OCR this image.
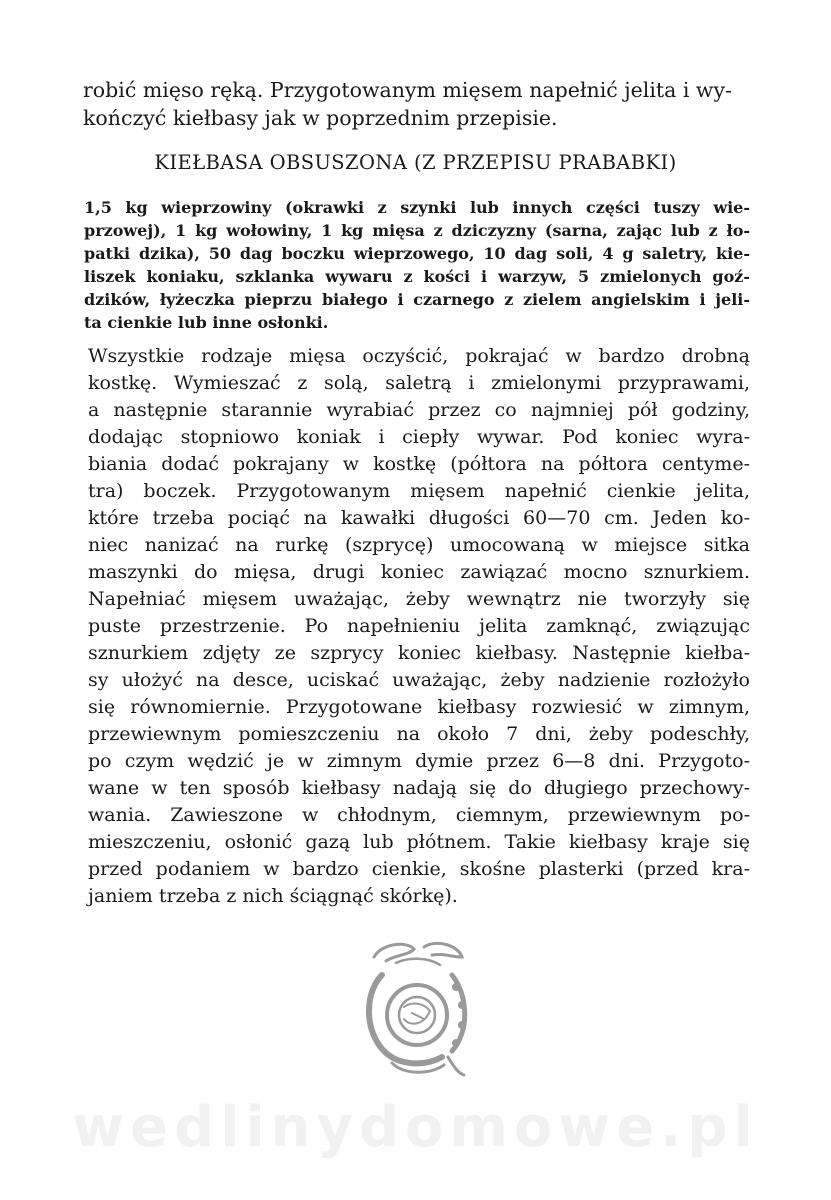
robić mięso ręką. Przygotowanym mięsem napełnić jelita i wy-

kończyć kiełbasy jak w poprzednim przepisie.

KIEŁBASA OBSUSZONA (Z PRZEPISU PRABABKI)

1,5 kg wieprzowiny (okrawki z szynki lub innych części tuszy wie-

przowej), 1 kg wołowiny, 1 kg mięsa z dziczyzny (sarna, zając lub z ło-

patki dzika), 50 dag boczku wieprzowego, 10 dag soli, 4 g saletry, kie-

liszek koniaku, szklanka wywaru z kości i warzyw, 5 zmielonych goź-

dzików, łyżeczka pieprzu białego i czarnego z zielem angielskim i jeli-

ta cienkie lub inne osłonki.

Wszystkie rodzaje mięsa oczyścić, pokrajać w bardzo drobną

kostkę. Wymieszać z solą, saletrą i zmielonymi przyprawami,

a następnie starannie wyrabiać przez co najmniej pół godziny,

dodając stopniowo koniak i ciepły wywar. Pod koniec wyra-

biania dodać pokrajany w kostkę (półtora na półtora centyme-

tra) boczek. Przygotowanym mięsem napełnić cienkie jelita,

które trzeba pociąć na kawałki długości 60—70 cm. Jeden ko-

niec nanizać na rurkę (szprycę) umocowaną w miejsce sitka

maszynki do mięsa, drugi koniec zawiązać mocno sznurkiem.

Napełniać mięsem uważając, żeby wewnątrz nie tworzyły się

puste przestrzenie. Po napełnieniu jelita zamknąć, związując

sznurkiem zdjęty ze szprycy koniec kiełbasy. Następnie kiełba-

sy ułożyć na desce, uciskać uważając, żeby nadzienie rozłożyło

się równomiernie. Przygotowane kiełbasy rozwiesić w zimnym,

przewiewnym pomieszczeniu na około 7 dni, żeby podeschły,

po czym wędzić je w zimnym dymie przez 6—8 dni. Przygoto-

wane w ten sposób kiełbasy nadają się do długiego przechowy-

wania. Zawieszone w chłodnym, ciemnym, przewiewnym po-

mieszczeniu, osłonić gazą lub płótnem. Takie kiełbasy kraje się

przed podaniem w bardzo cienkie, skośne plasterki (przed kra-

janiem trzeba z nich ściągnąć skórkę).

wedlinydomowe.pl
